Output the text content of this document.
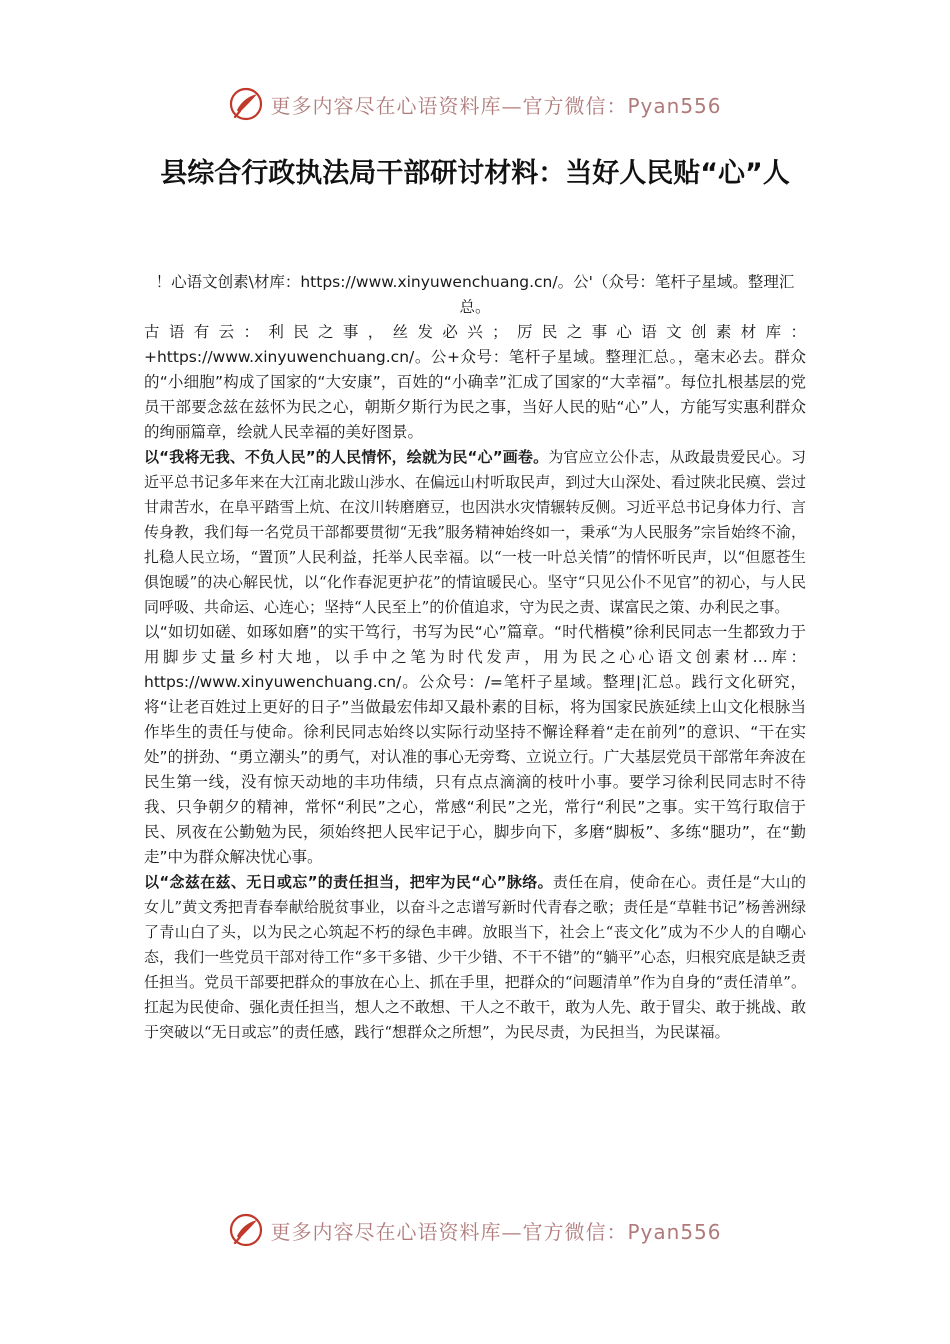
更多内容尽在心语资料库—官方微信：Pyan556
县综合行政执法局干部研讨材料：当好人民贴“心”人

！心语文创素\材库：https://www.xinyuwenchuang.cn/。公'（众号：笔杆子星域。整理汇总。

古语有云：利民之事，丝发必兴；厉民之事心语文创素材库：+https://www.xinyuwenchuang.cn/。公+众号：笔杆子星域。整理汇总。，毫末必去。群众的“小细胞”构成了国家的“大安康”，百姓的“小确幸”汇成了国家的“大幸福”。每位扎根基层的党员干部要念兹在兹怀为民之心，朝斯夕斯行为民之事，当好人民的贴“心”人，方能写实惠利群众的绚丽篇章，绘就人民幸福的美好图景。

以“我将无我、不负人民”的人民情怀，绘就为民“心”画卷。为官应立公仆志，从政最贵爱民心。习近平总书记多年来在大江南北跋山涉水、在偏远山村听取民声，到过大山深处、看过陕北民瘼、尝过甘肃苦水，在阜平踏雪上炕、在汶川转磨磨豆，也因洪水灾情辗转反侧。习近平总书记身体力行、言传身教，我们每一名党员干部都要贯彻“无我”服务精神始终如一，秉承“为人民服务”宗旨始终不渝，扎稳人民立场，“置顶”人民利益，托举人民幸福。以“一枝一叶总关情”的情怀听民声，以“但愿苍生俱饱暖”的决心解民忧，以“化作春泥更护花”的情谊暖民心。坚守“只见公仆不见官”的初心，与人民同呼吸、共命运、心连心；坚持“人民至上”的价值追求，守为民之责、谋富民之策、办利民之事。

以“如切如磋、如琢如磨”的实干笃行，书写为民“心”篇章。“时代楷模”徐利民同志一生都致力于用脚步丈量乡村大地，以手中之笔为时代发声，用为民之心心语文创素材…库：https://www.xinyuwenchuang.cn/。公众号：/=笔杆子星域。整理|汇总。践行文化研究，将“让老百姓过上更好的日子”当做最宏伟却又最朴素的目标，将为国家民族延续上山文化根脉当作毕生的责任与使命。徐利民同志始终以实际行动坚持不懈诠释着“走在前列”的意识、“干在实处”的拼劲、“勇立潮头”的勇气，对认准的事心无旁骛、立说立行。广大基层党员干部常年奔波在民生第一线，没有惊天动地的丰功伟绩，只有点点滴滴的枝叶小事。要学习徐利民同志时不待我、只争朝夕的精神，常怀“利民”之心，常感“利民”之光，常行“利民”之事。实干笃行取信于民、夙夜在公勤勉为民，须始终把人民牢记于心，脚步向下，多磨“脚板”、多练“腿功”，在“勤走”中为群众解决忧心事。

以“念兹在兹、无日或忘”的责任担当，把牢为民“心”脉络。责任在肩，使命在心。责任是“大山的女儿”黄文秀把青春奉献给脱贫事业，以奋斗之志谱写新时代青春之歌；责任是“草鞋书记”杨善洲绿了青山白了头，以为民之心筑起不朽的绿色丰碑。放眼当下，社会上“丧文化”成为不少人的自嘲心态，我们一些党员干部对待工作“多干多错、少干少错、不干不错”的“躺平”心态，归根究底是缺乏责任担当。党员干部要把群众的事放在心上、抓在手里，把群众的“问题清单”作为自身的“责任清单”。扛起为民使命、强化责任担当，想人之不敢想、干人之不敢干，敢为人先、敢于冒尖、敢于挑战、敢于突破以“无日或忘”的责任感，践行“想群众之所想”，为民尽责，为民担当，为民谋福。

更多内容尽在心语资料库—官方微信：Pyan556
